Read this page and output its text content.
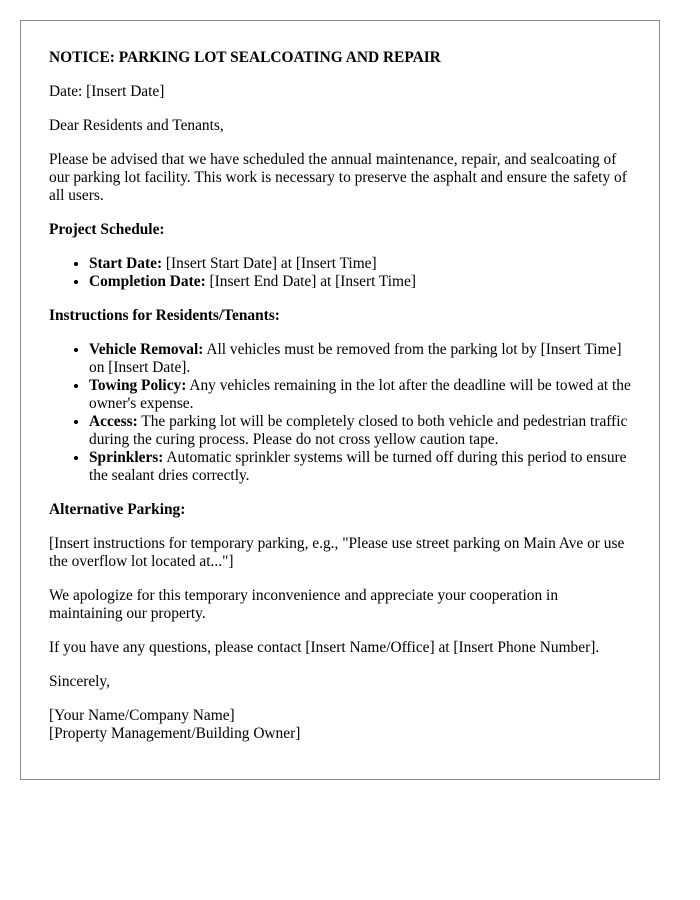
NOTICE: PARKING LOT SEALCOATING AND REPAIR

Date: [Insert Date]

Dear Residents and Tenants,

Please be advised that we have scheduled the annual maintenance, repair, and sealcoating of our parking lot facility. This work is necessary to preserve the asphalt and ensure the safety of all users.

Project Schedule:
• Start Date: [Insert Start Date] at [Insert Time]
• Completion Date: [Insert End Date] at [Insert Time]
Instructions for Residents/Tenants:
• Vehicle Removal: All vehicles must be removed from the parking lot by [Insert Time] on [Insert Date].
• Towing Policy: Any vehicles remaining in the lot after the deadline will be towed at the owner's expense.
• Access: The parking lot will be completely closed to both vehicle and pedestrian traffic during the curing process. Please do not cross yellow caution tape.
• Sprinklers: Automatic sprinkler systems will be turned off during this period to ensure the sealant dries correctly.
Alternative Parking:

[Insert instructions for temporary parking, e.g., "Please use street parking on Main Ave or use the overflow lot located at..."]

We apologize for this temporary inconvenience and appreciate your cooperation in maintaining our property.

If you have any questions, please contact [Insert Name/Office] at [Insert Phone Number].

Sincerely,

[Your Name/Company Name]
[Property Management/Building Owner]
